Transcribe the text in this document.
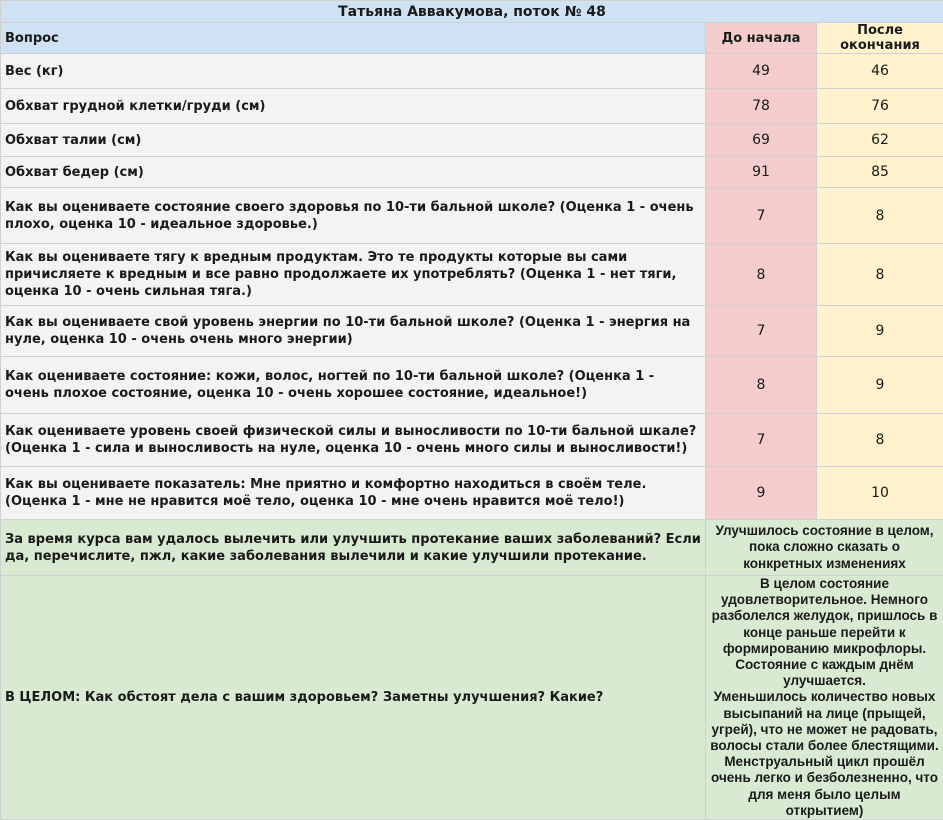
Татьяна Аввакумова, поток № 48		
Вопрос	До начала	После окончания
Вес (кг)	49	46
Обхват грудной клетки/груди (см)	78	76
Обхват талии (см)	69	62
Обхват бедер (см)	91	85
Как вы оцениваете состояние своего здоровья по 10-ти бальной школе? (Оценка 1 - очень плохо, оценка 10 - идеальное здоровье.)	7	8
Как вы оцениваете тягу к вредным продуктам. Это те продукты которые вы сами причисляете к вредным и все равно продолжаете их употреблять? (Оценка 1 - нет тяги, оценка 10 - очень сильная тяга.)	8	8
Как вы оцениваете свой уровень энергии по 10-ти бальной школе? (Оценка 1 - энергия на нуле, оценка 10 - очень очень много энергии)	7	9
Как оцениваете состояние: кожи, волос, ногтей по 10-ти бальной школе? (Оценка 1 - очень плохое состояние, оценка 10 - очень хорошее состояние, идеальное!)	8	9
Как оцениваете уровень своей физической силы и выносливости по 10-ти бальной шкале? (Оценка 1 - сила и выносливость на нуле, оценка 10 - очень много силы и выносливости!)	7	8
Как вы оцениваете показатель: Мне приятно и комфортно находиться в своём теле. (Оценка 1 - мне не нравится моё тело, оценка 10 - мне очень нравится моё тело!)	9	10
За время курса вам удалось вылечить или улучшить протекание ваших заболеваний? Если да, перечислите, пжл, какие заболевания вылечили и какие улучшили протекание.	Улучшилось состояние в целом, пока сложно сказать о конкретных изменениях	
В ЦЕЛОМ: Как обстоят дела с вашим здоровьем? Заметны улучшения? Какие?	В целом состояние удовлетворительное. Немного разболелся желудок, пришлось в конце раньше перейти к формированию микрофлоры.
Состояние с каждым днём улучшается.
Уменьшилось количество новых высыпаний на лице (прыщей, угрей), что не может не радовать, волосы стали более блестящими.
Менструальный цикл прошёл очень легко и безболезненно, что для меня было целым открытием)	
